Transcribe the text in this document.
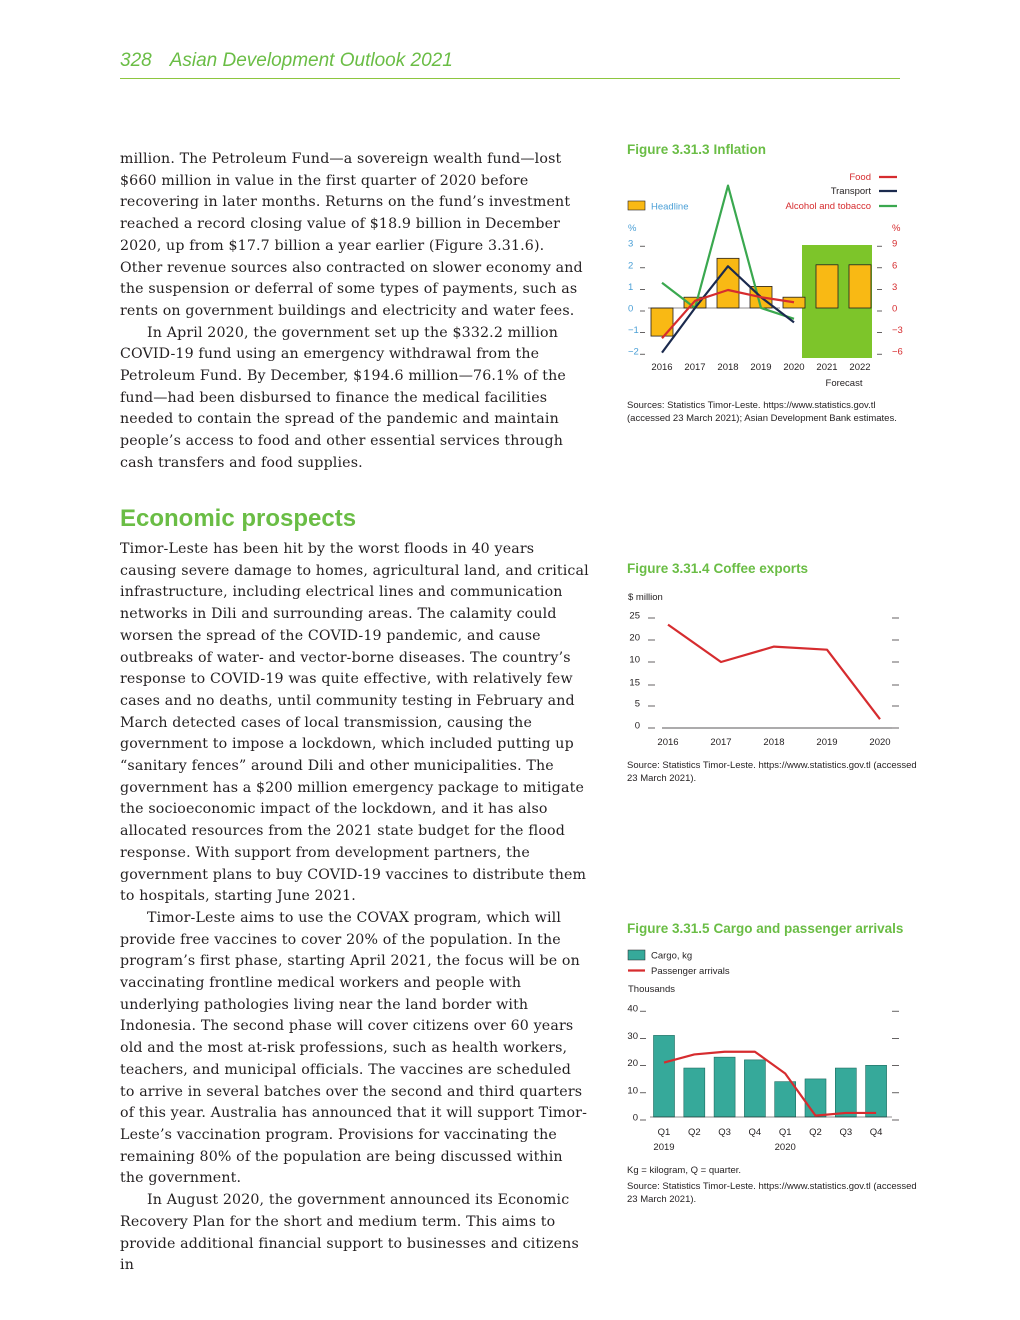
328 Asian Development Outlook 2021

million. The Petroleum Fund—a sovereign wealth fund—lost $660 million in value in the first quarter of 2020 before recovering in later months. Returns on the fund’s investment reached a record closing value of $18.9 billion in December 2020, up from $17.7 billion a year earlier (Figure 3.31.6). Other revenue sources also contracted on slower economy and the suspension or deferral of some types of payments, such as rents on government buildings and electricity and water fees.

In April 2020, the government set up the $332.2 million COVID-19 fund using an emergency withdrawal from the Petroleum Fund. By December, $194.6 million—76.1% of the fund—had been disbursed to finance the medical facilities needed to contain the spread of the pandemic and maintain people’s access to food and other essential services through cash transfers and food supplies.

Economic prospects

Timor-Leste has been hit by the worst floods in 40 years causing severe damage to homes, agricultural land, and critical infrastructure, including electrical lines and communication networks in Dili and surrounding areas. The calamity could worsen the spread of the COVID-19 pandemic, and cause outbreaks of water- and vector-borne diseases. The country’s response to COVID-19 was quite effective, with relatively few cases and no deaths, until community testing in February and March detected cases of local transmission, causing the government to impose a lockdown, which included putting up “sanitary fences” around Dili and other municipalities. The government has a $200 million emergency package to mitigate the socioeconomic impact of the lockdown, and it has also allocated resources from the 2021 state budget for the flood response. With support from development partners, the government plans to buy COVID-19 vaccines to distribute them to hospitals, starting June 2021.

Timor-Leste aims to use the COVAX program, which will provide free vaccines to cover 20% of the population. In the program’s first phase, starting April 2021, the focus will be on vaccinating frontline medical workers and people with underlying pathologies living near the land border with Indonesia. The second phase will cover citizens over 60 years old and the most at-risk professions, such as health workers, teachers, and municipal officials. The vaccines are scheduled to arrive in several batches over the second and third quarters of this year. Australia has announced that it will support Timor-Leste’s vaccination program. Provisions for vaccinating the remaining 80% of the population are being discussed within the government.

In August 2020, the government announced its Economic Recovery Plan for the short and medium term. This aims to provide additional financial support to businesses and citizens in

Figure 3.31.3 Inflation
Headline
Food
Transport
Alcohol and tobacco
%	%
3
2
1
0
−1
−2
9
6
3
0
−3
−6
2016 2017 2018 2019 2020 2021 2022
Forecast
Sources: Statistics Timor-Leste. https://www.statistics.gov.tl (accessed 23 March 2021); Asian Development Bank estimates.
Figure 3.31.4 Coffee exports
$ million
25
20
10
15
5
0
2016	2017	2018	2019	2020
Source: Statistics Timor-Leste. https://www.statistics.gov.tl (accessed 23 March 2021).
Figure 3.31.5 Cargo and passenger arrivals
Cargo, kg
Passenger arrivals
Thousands
40
30
20
10
0
Q1 Q2 Q3 Q4 Q1 Q2 Q3 Q4
2019	2020
Kg = kilogram, Q = quarter.
Source: Statistics Timor-Leste. https://www.statistics.gov.tl (accessed 23 March 2021).
